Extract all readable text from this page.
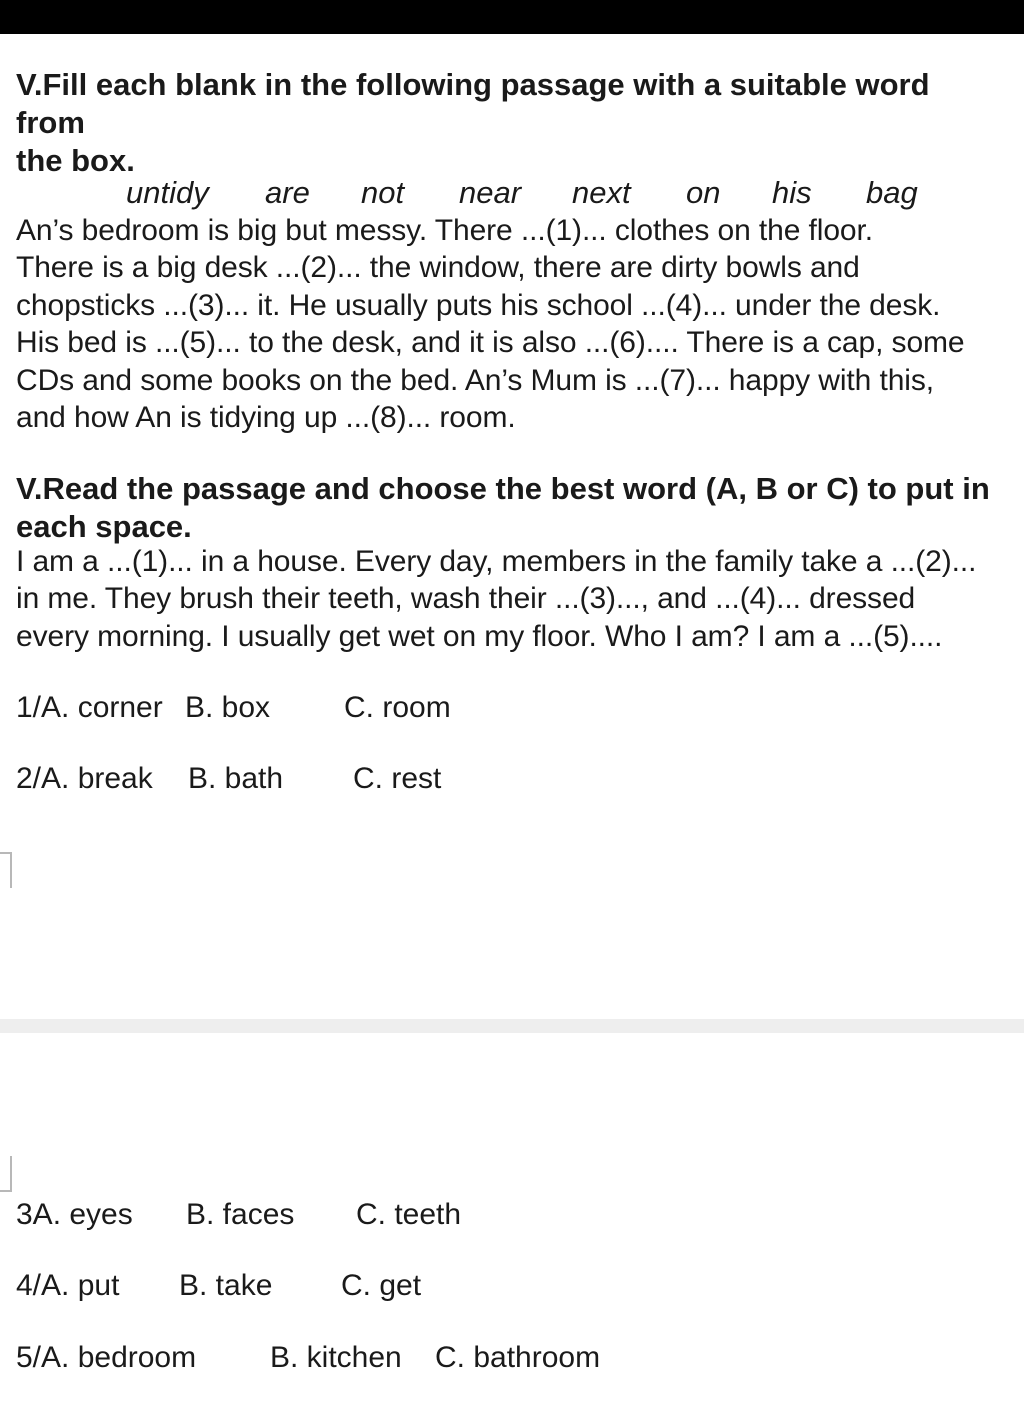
V.Fill each blank in the following passage with a suitable word from
the box.
untidy are not near next on his bag

An’s bedroom is big but messy. There ...(1)... clothes on the floor.
There is a big desk ...(2)... the window, there are dirty bowls and
chopsticks ...(3)... it. He usually puts his school ...(4)... under the desk.
His bed is ...(5)... to the desk, and it is also ...(6).... There is a cap, some
CDs and some books on the bed. An’s Mum is ...(7)... happy with this,
and how An is tidying up ...(8)... room.

V.Read the passage and choose the best word (A, B or C) to put in
each space.

I am a ...(1)... in a house. Every day, members in the family take a ...(2)...
in me. They brush their teeth, wash their ...(3)..., and ...(4)... dressed
every morning. I usually get wet on my floor. Who I am? I am a ...(5)....

1/A. corner B. box C. room
2/A. break B. bath C. rest
3A. eyes B. faces C. teeth
4/A. put B. take C. get
5/A. bedroom B. kitchen C. bathroom
